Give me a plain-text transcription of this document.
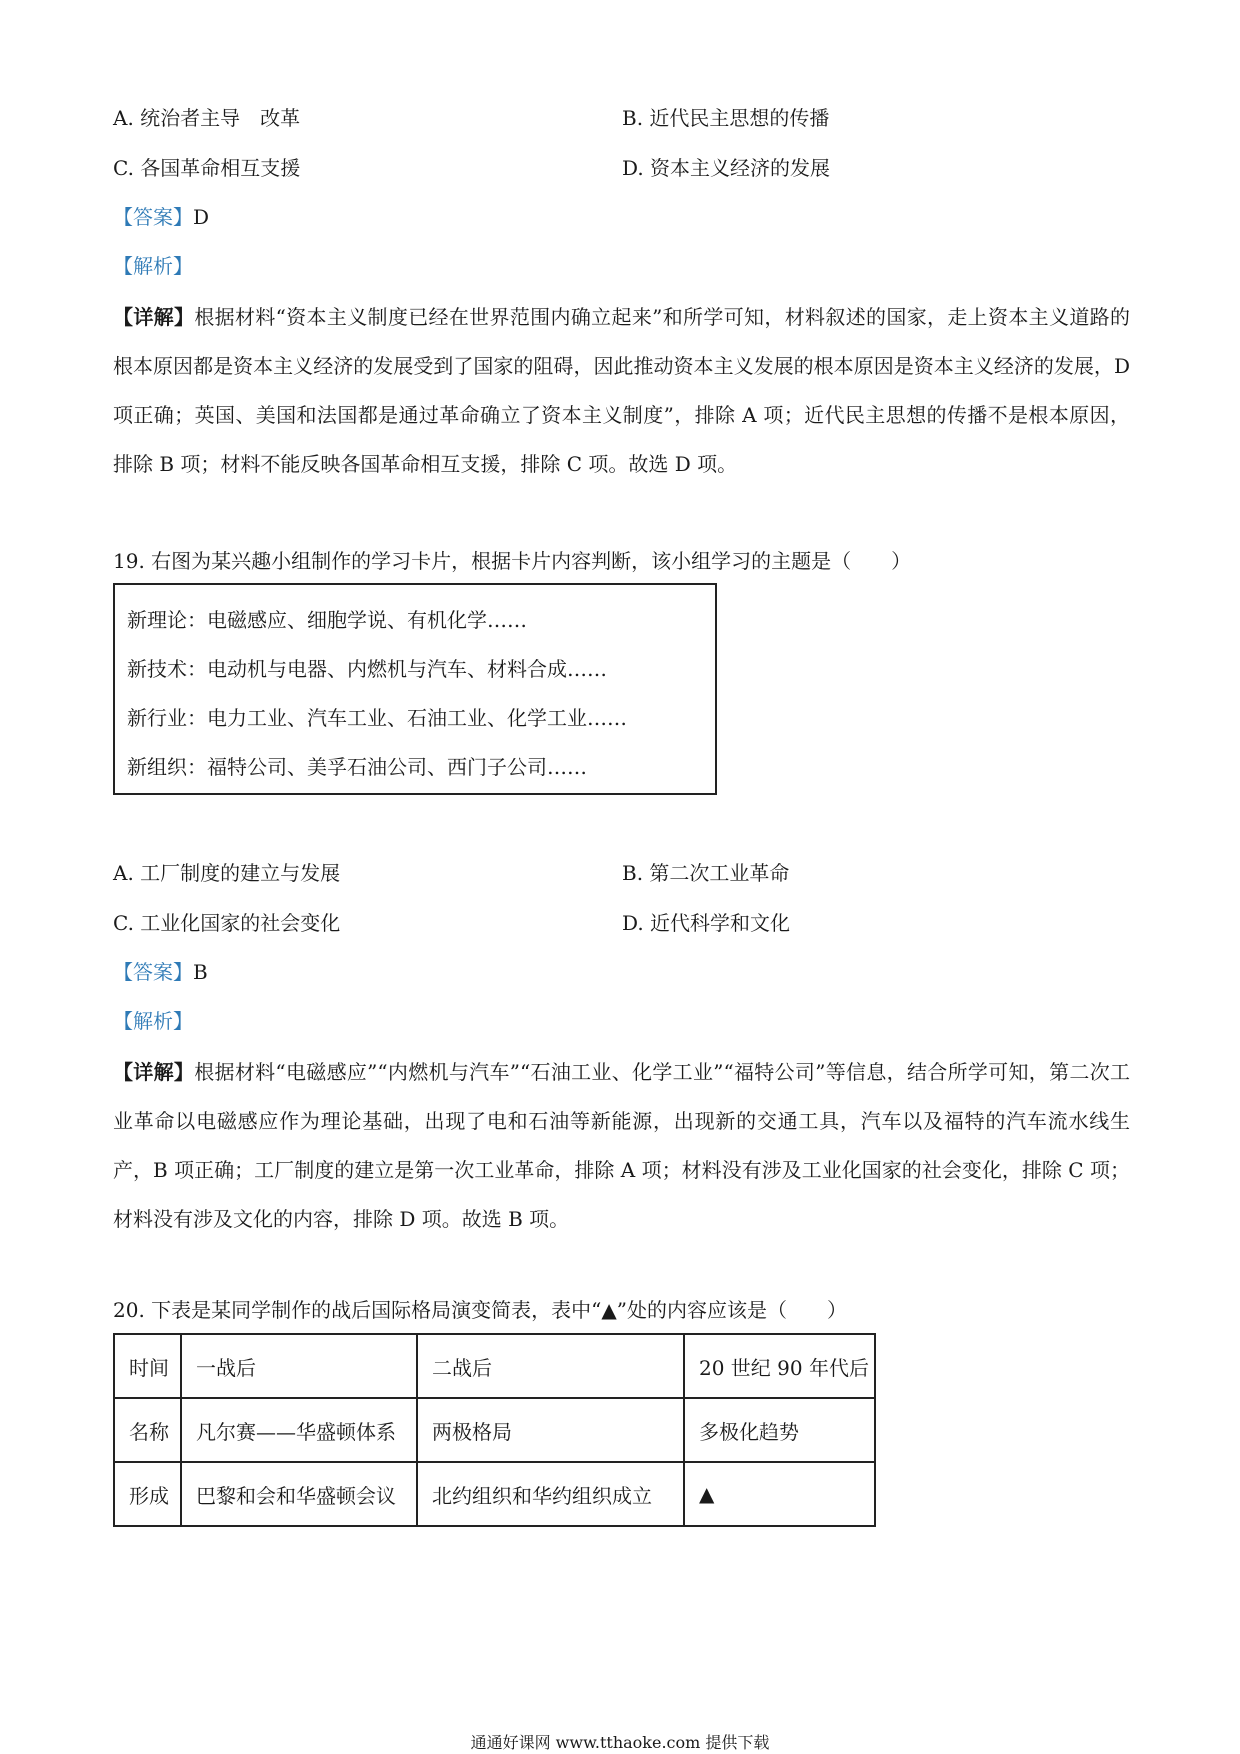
A. 统治者主导　改革	B. 近代民主思想的传播
C. 各国革命相互支援	D. 资本主义经济的发展
【答案】D
【解析】
【详解】根据材料“资本主义制度已经在世界范围内确立起来”和所学可知，材料叙述的国家，走上资本主义道路的根本原因都是资本主义经济的发展受到了国家的阻碍，因此推动资本主义发展的根本原因是资本主义经济的发展，D 项正确；英国、美国和法国都是通过革命确立了资本主义制度”，排除 A 项；近代民主思想的传播不是根本原因，排除 B 项；材料不能反映各国革命相互支援，排除 C 项。故选 D 项。
19. 右图为某兴趣小组制作的学习卡片，根据卡片内容判断，该小组学习的主题是（　　）
新理论：电磁感应、细胞学说、有机化学……
新技术：电动机与电器、内燃机与汽车、材料合成……
新行业：电力工业、汽车工业、石油工业、化学工业……
新组织：福特公司、美孚石油公司、西门子公司……
A. 工厂制度的建立与发展	B. 第二次工业革命
C. 工业化国家的社会变化	D. 近代科学和文化
【答案】B
【解析】
【详解】根据材料“电磁感应”“内燃机与汽车”“石油工业、化学工业”“福特公司”等信息，结合所学可知，第二次工业革命以电磁感应作为理论基础，出现了电和石油等新能源，出现新的交通工具，汽车以及福特的汽车流水线生产，B 项正确；工厂制度的建立是第一次工业革命，排除 A 项；材料没有涉及工业化国家的社会变化，排除 C 项；材料没有涉及文化的内容，排除 D 项。故选 B 项。
20. 下表是某同学制作的战后国际格局演变简表，表中“▲”处的内容应该是（　　）
时间	一战后	二战后	20 世纪 90 年代后
名称	凡尔赛——华盛顿体系	两极格局	多极化趋势
形成	巴黎和会和华盛顿会议	北约组织和华约组织成立	▲
通通好课网 www.tthaoke.com 提供下载
